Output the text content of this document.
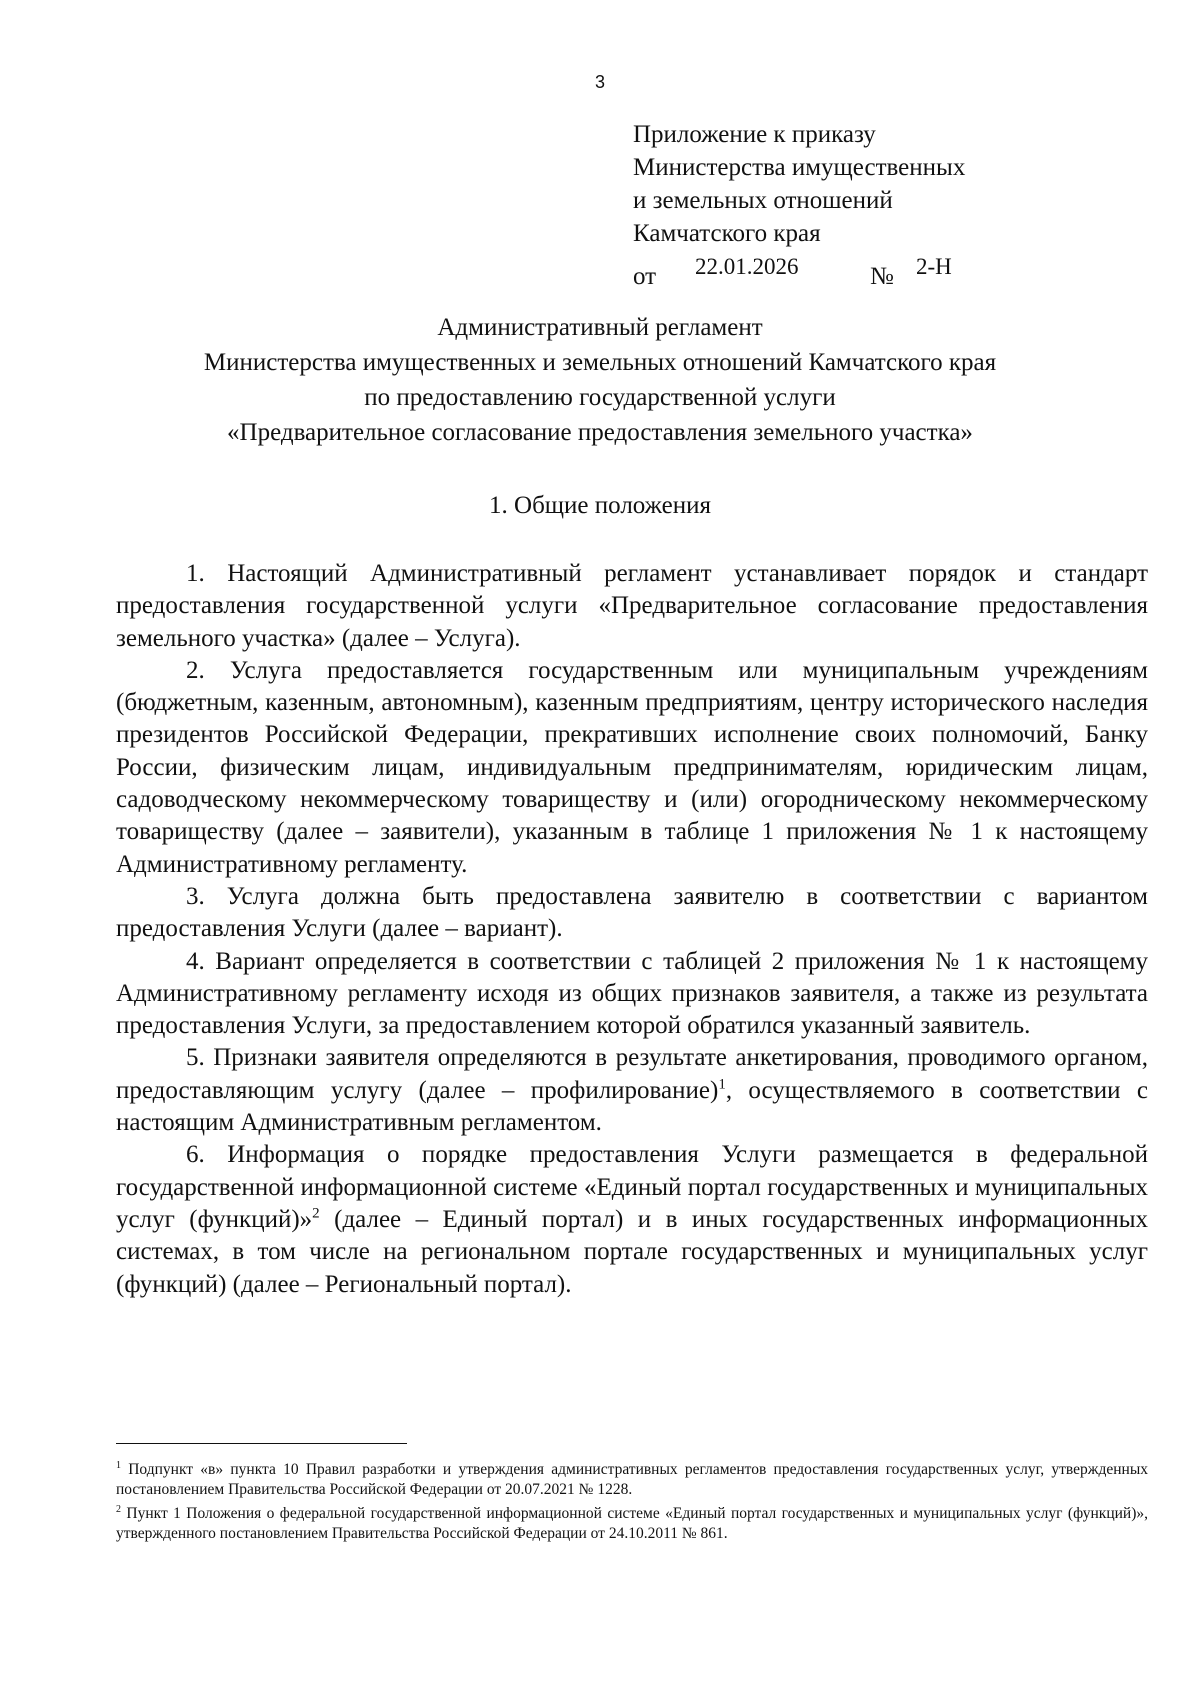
3
Приложение к приказу
Министерства имущественных
и земельных отношений
Камчатского края
от 22.01.2026	№ 2-Н
Административный регламент
Министерства имущественных и земельных отношений Камчатского края
по предоставлению государственной услуги
«Предварительное согласование предоставления земельного участка»
1. Общие положения

1. Настоящий Административный регламент устанавливает порядок и стандарт предоставления государственной услуги «Предварительное согласование предоставления земельного участка» (далее – Услуга).

2. Услуга предоставляется государственным или муниципальным учреждениям (бюджетным, казенным, автономным), казенным предприятиям, центру исторического наследия президентов Российской Федерации, прекративших исполнение своих полномочий, Банку России, физическим лицам, индивидуальным предпринимателям, юридическим лицам, садоводческому некоммерческому товариществу и (или) огородническому некоммерческому товариществу (далее – заявители), указанным в таблице 1 приложения № 1 к настоящему Административному регламенту.

3. Услуга должна быть предоставлена заявителю в соответствии с вариантом предоставления Услуги (далее – вариант).

4. Вариант определяется в соответствии с таблицей 2 приложения № 1 к настоящему Административному регламенту исходя из общих признаков заявителя, а также из результата предоставления Услуги, за предоставлением которой обратился указанный заявитель.

5. Признаки заявителя определяются в результате анкетирования, проводимого органом, предоставляющим услугу (далее – профилирование)$^1$, осуществляемого в соответствии с настоящим Административным регламентом.

6. Информация о порядке предоставления Услуги размещается в федеральной государственной информационной системе «Единый портал государственных и муниципальных услуг (функций)»$^2$ (далее – Единый портал) и в иных государственных информационных системах, в том числе на региональном портале государственных и муниципальных услуг (функций) (далее – Региональный портал).

$^1$ Подпункт «в» пункта 10 Правил разработки и утверждения административных регламентов предоставления государственных услуг, утвержденных постановлением Правительства Российской Федерации от 20.07.2021 № 1228.

$^2$ Пункт 1 Положения о федеральной государственной информационной системе «Единый портал государственных и муниципальных услуг (функций)», утвержденного постановлением Правительства Российской Федерации от 24.10.2011 № 861.
